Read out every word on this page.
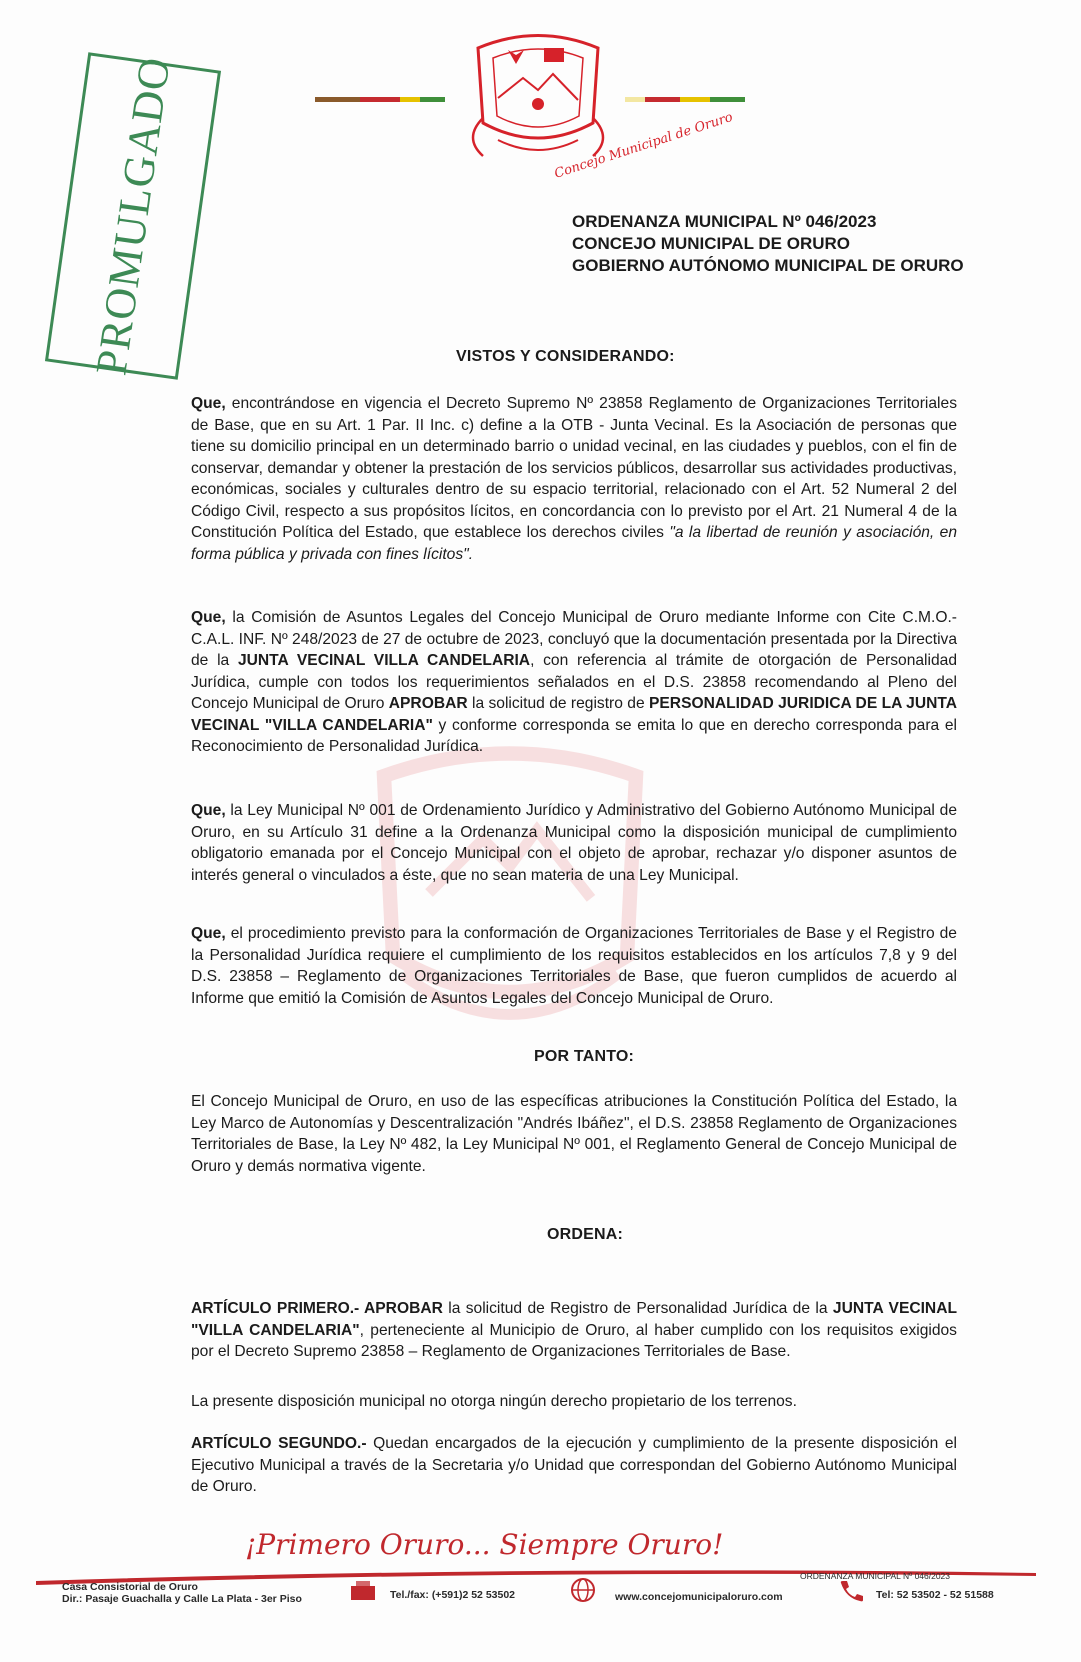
Concejo Municipal de Oruro
PROMULGADO	ORDENANZA MUNICIPAL Nº 046/2023
CONCEJO MUNICIPAL DE ORURO
GOBIERNO AUTÓNOMO MUNICIPAL DE ORURO
VISTOS Y CONSIDERANDO:
Que, encontrándose en vigencia el Decreto Supremo Nº 23858 Reglamento de Organizaciones Territoriales de Base, que en su Art. 1 Par. II Inc. c) define a la OTB - Junta Vecinal. Es la Asociación de personas que tiene su domicilio principal en un determinado barrio o unidad vecinal, en las ciudades y pueblos, con el fin de conservar, demandar y obtener la prestación de los servicios públicos, desarrollar sus actividades productivas, económicas, sociales y culturales dentro de su espacio territorial, relacionado con el Art. 52 Numeral 2 del Código Civil, respecto a sus propósitos lícitos, en concordancia con lo previsto por el Art. 21 Numeral 4 de la Constitución Política del Estado, que establece los derechos civiles "a la libertad de reunión y asociación, en forma pública y privada con fines lícitos".
Que, la Comisión de Asuntos Legales del Concejo Municipal de Oruro mediante Informe con Cite C.M.O.-C.A.L. INF. Nº 248/2023 de 27 de octubre de 2023, concluyó que la documentación presentada por la Directiva de la JUNTA VECINAL VILLA CANDELARIA, con referencia al trámite de otorgación de Personalidad Jurídica, cumple con todos los requerimientos señalados en el D.S. 23858 recomendando al Pleno del Concejo Municipal de Oruro APROBAR la solicitud de registro de PERSONALIDAD JURIDICA DE LA JUNTA VECINAL "VILLA CANDELARIA" y conforme corresponda se emita lo que en derecho corresponda para el Reconocimiento de Personalidad Jurídica.
Que, la Ley Municipal Nº 001 de Ordenamiento Jurídico y Administrativo del Gobierno Autónomo Municipal de Oruro, en su Artículo 31 define a la Ordenanza Municipal como la disposición municipal de cumplimiento obligatorio emanada por el Concejo Municipal con el objeto de aprobar, rechazar y/o disponer asuntos de interés general o vinculados a éste, que no sean materia de una Ley Municipal.
Que, el procedimiento previsto para la conformación de Organizaciones Territoriales de Base y el Registro de la Personalidad Jurídica requiere el cumplimiento de los requisitos establecidos en los artículos 7,8 y 9 del D.S. 23858 – Reglamento de Organizaciones Territoriales de Base, que fueron cumplidos de acuerdo al Informe que emitió la Comisión de Asuntos Legales del Concejo Municipal de Oruro.
POR TANTO:
El Concejo Municipal de Oruro, en uso de las específicas atribuciones la Constitución Política del Estado, la Ley Marco de Autonomías y Descentralización "Andrés Ibáñez", el D.S. 23858 Reglamento de Organizaciones Territoriales de Base, la Ley Nº 482, la Ley Municipal Nº 001, el Reglamento General de Concejo Municipal de Oruro y demás normativa vigente.
ORDENA:
ARTÍCULO PRIMERO.- APROBAR la solicitud de Registro de Personalidad Jurídica de la JUNTA VECINAL "VILLA CANDELARIA", perteneciente al Municipio de Oruro, al haber cumplido con los requisitos exigidos por el Decreto Supremo 23858 – Reglamento de Organizaciones Territoriales de Base.
La presente disposición municipal no otorga ningún derecho propietario de los terrenos.
ARTÍCULO SEGUNDO.- Quedan encargados de la ejecución y cumplimiento de la presente disposición el Ejecutivo Municipal a través de la Secretaria y/o Unidad que correspondan del Gobierno Autónomo Municipal de Oruro.
¡Primero Oruro... Siempre Oruro!
Casa Consistorial de Oruro
Dir.: Pasaje Guachalla y Calle La Plata - 3er Piso	Tel./fax: (+591)2 52 53502	www.concejomunicipaloruro.com
ORDENANZA MUNICIPAL Nº 046/2023
Tel: 52 53502 - 52 51588
